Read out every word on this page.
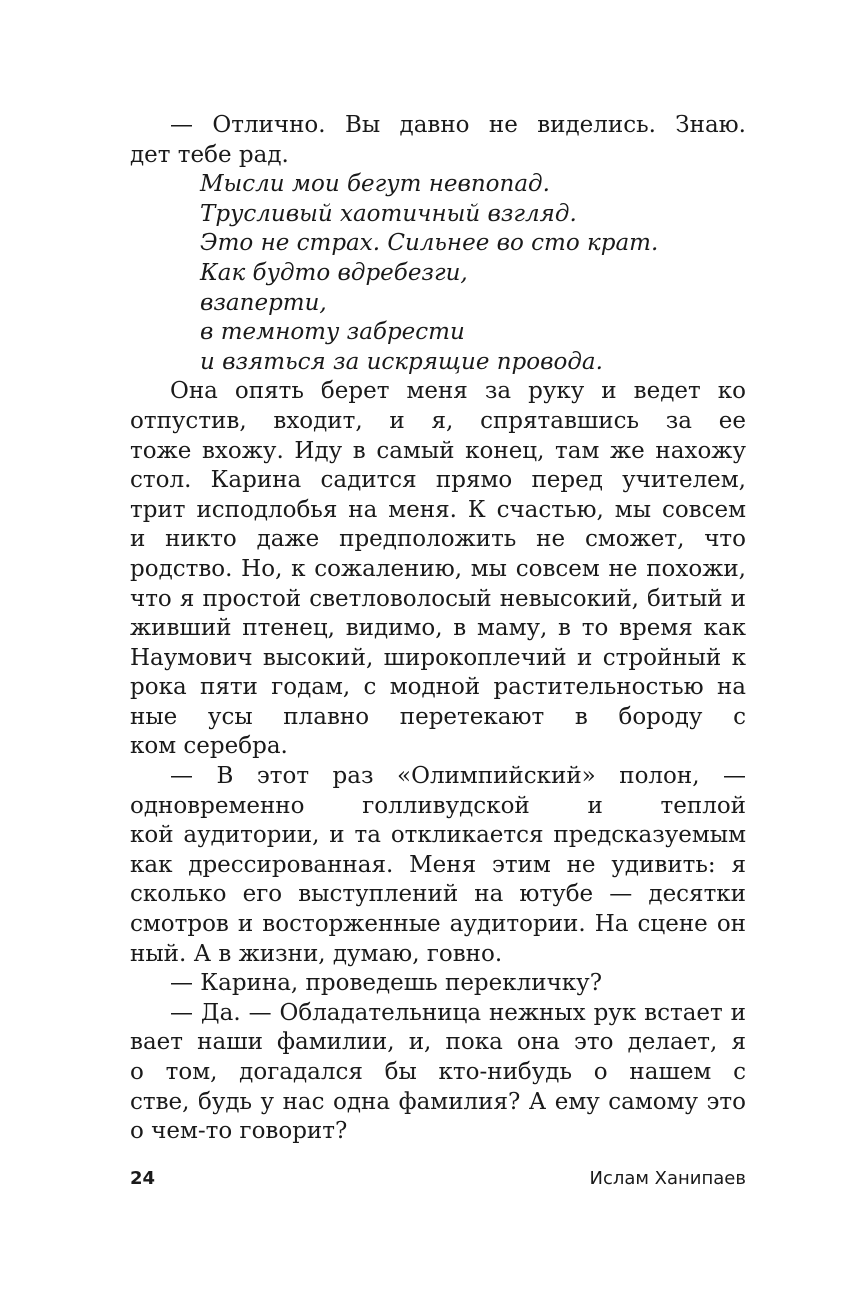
— Отлично. Вы давно не виделись. Знаю.
дет тебе рад.
Мысли мои бегут невпопад.
Трусливый хаотичный взгляд.
Это не страх. Сильнее во сто крат.
Как будто вдребезги,
взаперти,
в темноту забрести
и взяться за искрящие провода.
Она опять берет меня за руку и ведет ко
отпустив, входит, и я, спрятавшись за ее
тоже вхожу. Иду в самый конец, там же нахожу
стол. Карина садится прямо перед учителем,
трит исподлобья на меня. К счастью, мы совсем
и никто даже предположить не сможет, что
родство. Но, к сожалению, мы совсем не похожи,
что я простой светловолосый невысокий, битый и
живший птенец, видимо, в маму, в то время как
Наумович высокий, широкоплечий и стройный к
рока пяти годам, с модной растительностью на
ные усы плавно перетекают в бороду с
ком серебра.
— В этот раз «Олимпийский» полон, —
одновременно голливудской и теплой
кой аудитории, и та откликается предсказуемым
как дрессированная. Меня этим не удивить: я
сколько его выступлений на ютубе — десятки
смотров и восторженные аудитории. На сцене он
ный. А в жизни, думаю, говно.
— Карина, проведешь перекличку?
— Да. — Обладательница нежных рук встает и
вает наши фамилии, и, пока она это делает, я
о том, догадался бы кто-нибудь о нашем с
стве, будь у нас одна фамилия? А ему самому это
о чем-то говорит?
24	Ислам Ханипаев
